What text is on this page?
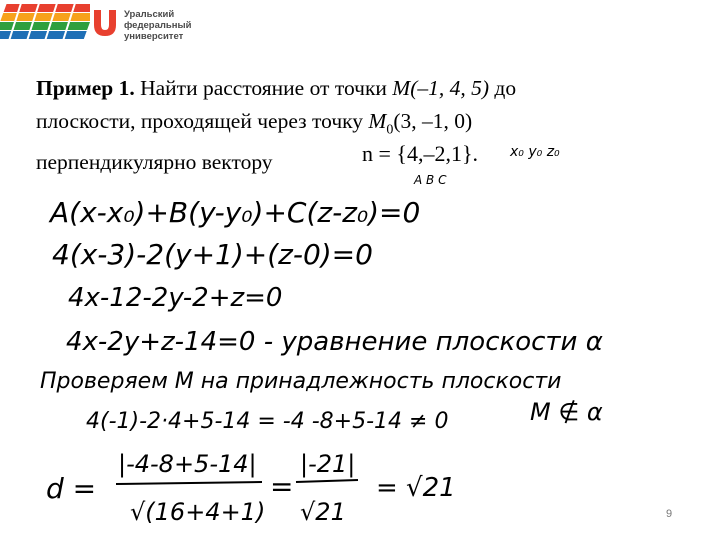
Уральский
федеральный
университет
Пример 1. Найти расстояние от точки M(–1, 4, 5) до
плоскости, проходящей через точку $M_0(3$, –1, 0)
перпендикулярно вектору	n = {4,–2,1}. x₀ y₀ z₀
A B C
A(x-x₀)+B(y-y₀)+C(z-z₀)=0
4(x-3)-2(y+1)+(z-0)=0
4x-12-2y-2+z=0
4x-2y+z-14=0 - уравнение плоскости α
Проверяем M на принадлежность плоскости
4(-1)-2·4+5-14 = -4 -8+5-14 ≠ 0	M ∉ α
d =
|-4-8+5-14|
√(16+4+1)
=
|-21|
√21
= √21
9
